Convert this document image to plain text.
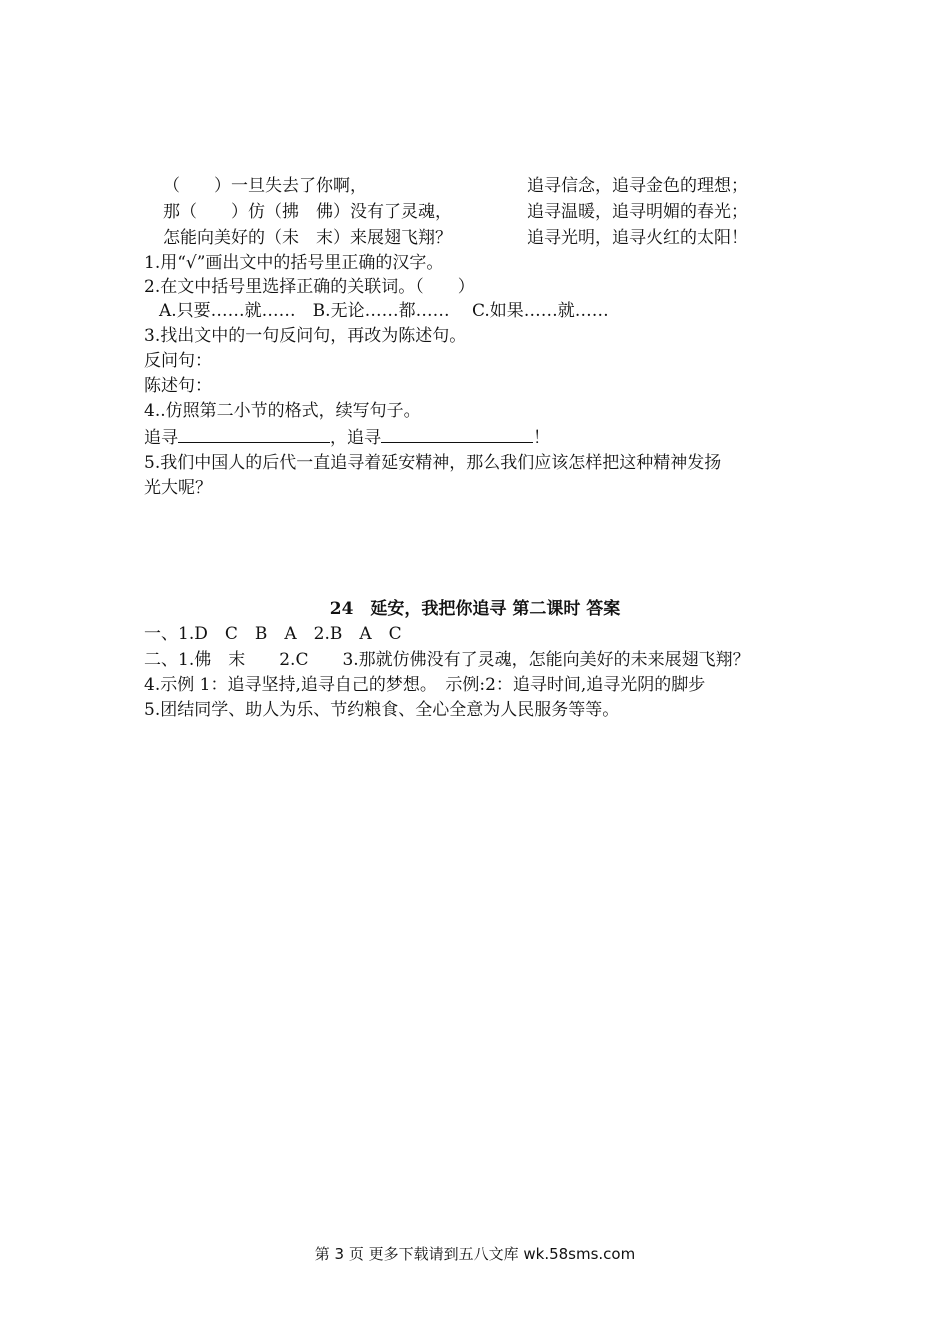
（　　）一旦失去了你啊，
那（　　）仿（拂　佛）没有了灵魂，
怎能向美好的（未　末）来展翅飞翔？
追寻信念，追寻金色的理想；
追寻温暖，追寻明媚的春光；
追寻光明，追寻火红的太阳！
1.用“√”画出文中的括号里正确的汉字。
2.在文中括号里选择正确的关联词。（　　）
A.只要……就……　B.无论……都……　 C.如果……就……
3.找出文中的一句反问句，再改为陈述句。
反问句：
陈述句：
4..仿照第二小节的格式，续写句子。
追寻	，追寻	！
5.我们中国人的后代一直追寻着延安精神，那么我们应该怎样把这种精神发扬
光大呢？
24　延安，我把你追寻 第二课时 答案
一、1.D　C　B　A　2.B　A　C
二、1.佛　末　　2.C　　3.那就仿佛没有了灵魂，怎能向美好的未来展翅飞翔？
4.示例 1：追寻坚持,追寻自己的梦想。　示例:2：追寻时间,追寻光阴的脚步
5.团结同学、助人为乐、节约粮食、全心全意为人民服务等等。
第 3 页 更多下载请到五八文库 wk.58sms.com
